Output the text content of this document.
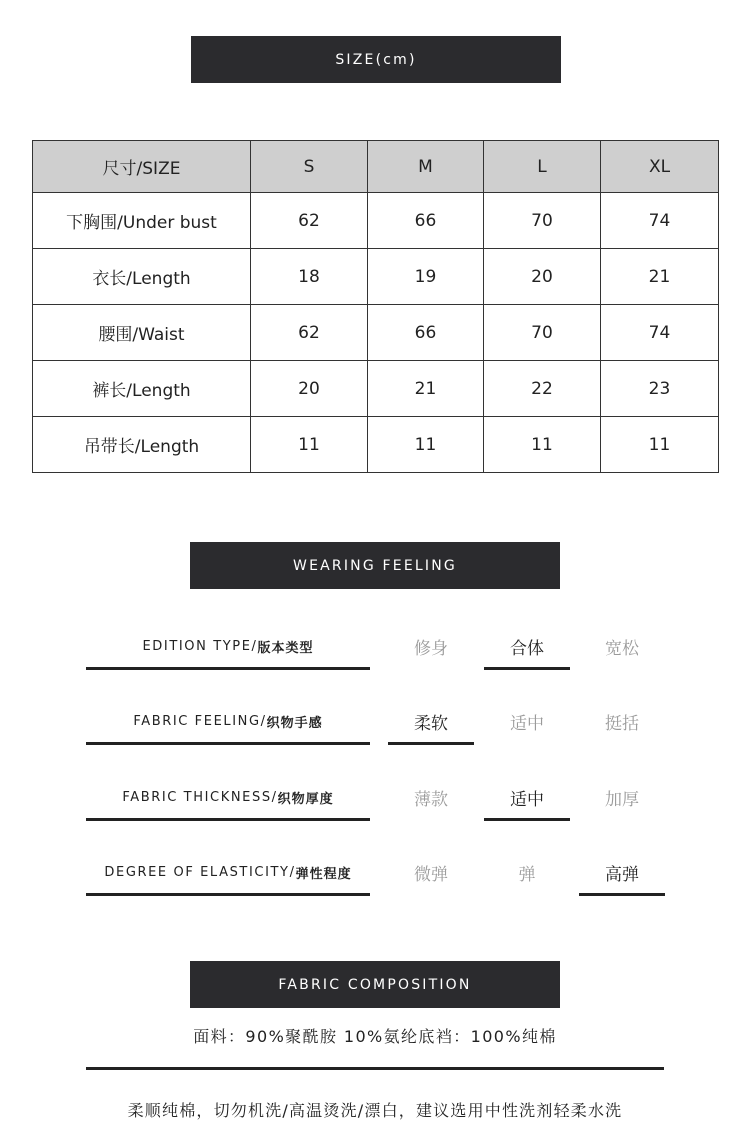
SIZE(cm)
尺寸/SIZE	S	M	L	XL
下胸围/Under bust	62	66	70	74
衣长/Length	18	19	20	21
腰围/Waist	62	66	70	74
裤长/Length	20	21	22	23
吊带长/Length	11	11	11	11
WEARING FEELING
EDITION TYPE/ 版本类型	修身	合体	宽松
FABRIC FEELING/ 织物手感	柔软	适中	挺括
FABRIC THICKNESS/ 织物厚度	薄款	适中	加厚
DEGREE OF ELASTICITY/ 弹性程度	微弹	弹	高弹
FABRIC COMPOSITION
面料：90%聚酰胺 10%氨纶底裆：100%纯棉
柔顺纯棉，切勿机洗/高温烫洗/漂白，建议选用中性洗剂轻柔水洗
